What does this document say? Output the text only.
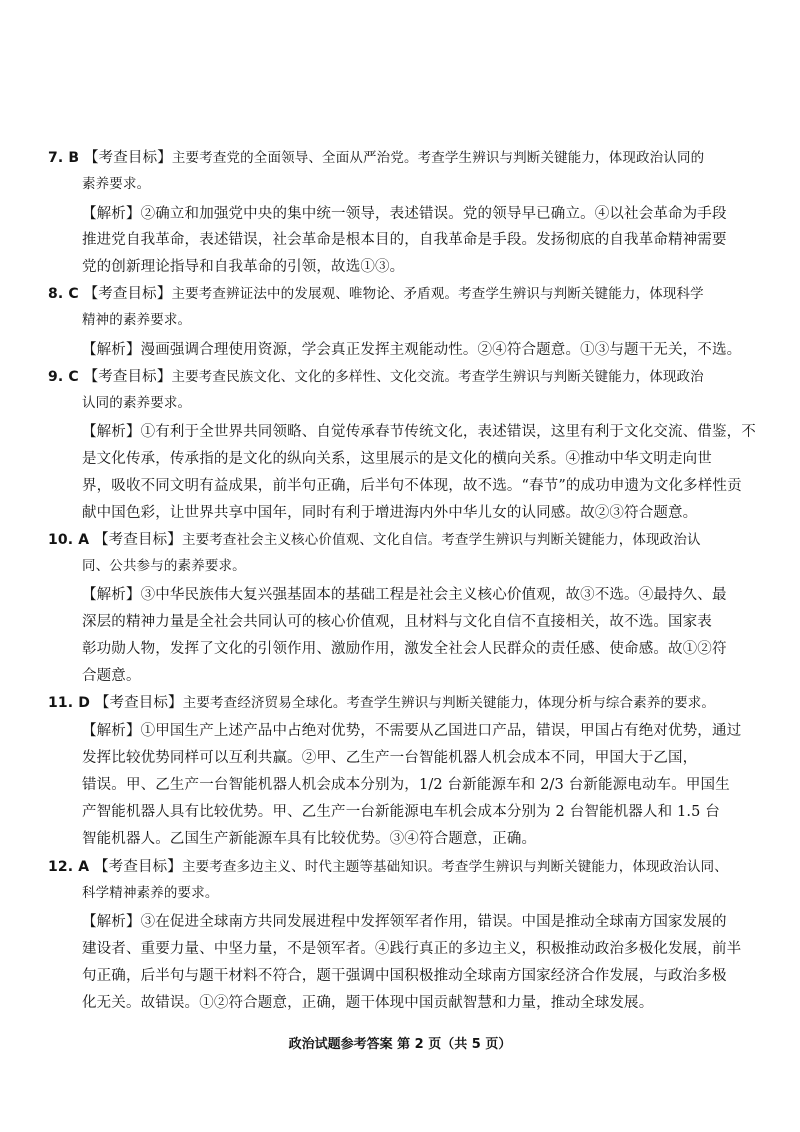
7. B 【考查目标】主要考查党的全面领导、全面从严治党。考查学生辨识与判断关键能力，体现政治认同的
素养要求。
【解析】②确立和加强党中央的集中统一领导，表述错误。党的领导早已确立。④以社会革命为手段
推进党自我革命，表述错误，社会革命是根本目的，自我革命是手段。发扬彻底的自我革命精神需要
党的创新理论指导和自我革命的引领，故选①③。
8. C 【考查目标】主要考查辨证法中的发展观、唯物论、矛盾观。考查学生辨识与判断关键能力，体现科学
精神的素养要求。
【解析】漫画强调合理使用资源，学会真正发挥主观能动性。②④符合题意。①③与题干无关，不选。
9. C 【考查目标】主要考查民族文化、文化的多样性、文化交流。考查学生辨识与判断关键能力，体现政治
认同的素养要求。
【解析】①有利于全世界共同领略、自觉传承春节传统文化，表述错误，这里有利于文化交流、借鉴，不
是文化传承，传承指的是文化的纵向关系，这里展示的是文化的横向关系。④推动中华文明走向世
界，吸收不同文明有益成果，前半句正确，后半句不体现，故不选。“春节”的成功申遗为文化多样性贡
献中国色彩，让世界共享中国年，同时有利于增进海内外中华儿女的认同感。故②③符合题意。
10. A 【考查目标】主要考查社会主义核心价值观、文化自信。考查学生辨识与判断关键能力，体现政治认
同、公共参与的素养要求。
【解析】③中华民族伟大复兴强基固本的基础工程是社会主义核心价值观，故③不选。④最持久、最
深层的精神力量是全社会共同认可的核心价值观，且材料与文化自信不直接相关，故不选。国家表
彰功勋人物，发挥了文化的引领作用、激励作用，激发全社会人民群众的责任感、使命感。故①②符
合题意。
11. D 【考查目标】主要考查经济贸易全球化。考查学生辨识与判断关键能力，体现分析与综合素养的要求。
【解析】①甲国生产上述产品中占绝对优势，不需要从乙国进口产品，错误，甲国占有绝对优势，通过
发挥比较优势同样可以互利共赢。②甲、乙生产一台智能机器人机会成本不同，甲国大于乙国，
错误。甲、乙生产一台智能机器人机会成本分别为，1/2 台新能源车和 2/3 台新能源电动车。甲国生
产智能机器人具有比较优势。甲、乙生产一台新能源电车机会成本分别为 2 台智能机器人和 1.5 台
智能机器人。乙国生产新能源车具有比较优势。③④符合题意，正确。
12. A 【考查目标】主要考查多边主义、时代主题等基础知识。考查学生辨识与判断关键能力，体现政治认同、
科学精神素养的要求。
【解析】③在促进全球南方共同发展进程中发挥领军者作用，错误。中国是推动全球南方国家发展的
建设者、重要力量、中坚力量，不是领军者。④践行真正的多边主义，积极推动政治多极化发展，前半
句正确，后半句与题干材料不符合，题干强调中国积极推动全球南方国家经济合作发展，与政治多极
化无关。故错误。①②符合题意，正确，题干体现中国贡献智慧和力量，推动全球发展。
政治试题参考答案 第 2 页（共 5 页）
